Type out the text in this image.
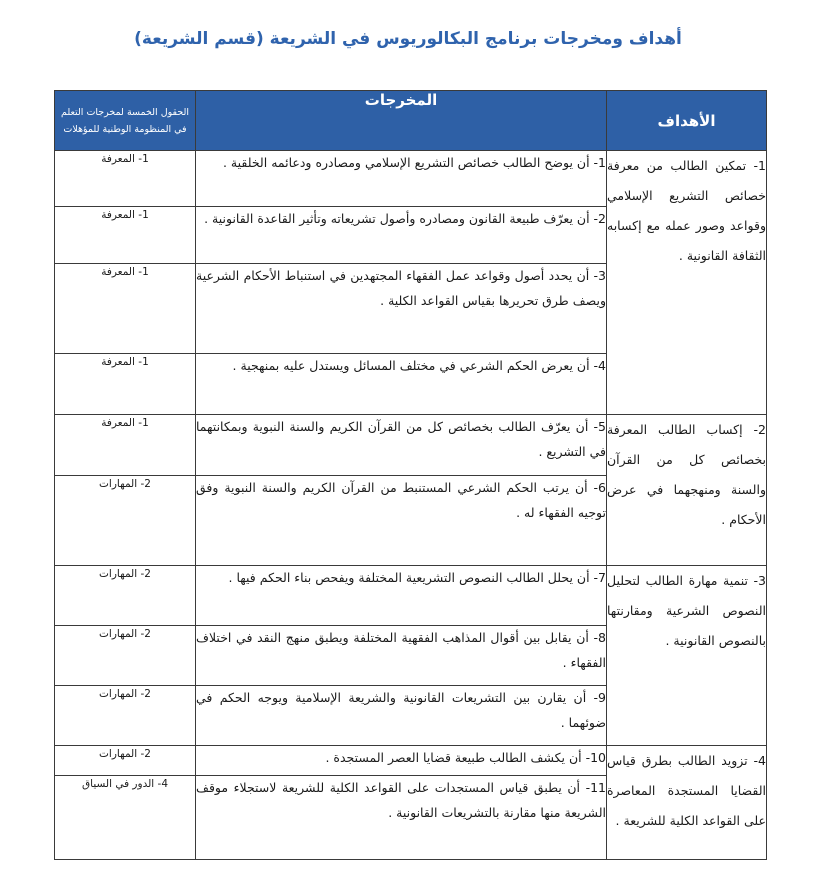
أهداف ومخرجات برنامج البكالوريوس في الشريعة (قسم الشريعة)
الأهداف	المخرجات	الحقول الخمسة لمخرجات التعلم في المنظومة الوطنية للمؤهلات

1- تمكين الطالب من معرفة خصائص التشريع الإسلامي وقواعد وصور عمله مع إكسابه الثقافة القانونية .	1- أن يوضح الطالب خصائص التشريع الإسلامي ومصادره ودعائمه الخلقية .	1- المعرفة

	2- أن يعرّف طبيعة القانون ومصادره وأصول تشريعاته وتأثير القاعدة القانونية .	1- المعرفة

	3- أن يحدد أصول وقواعد عمل الفقهاء المجتهدين في استنباط الأحكام الشرعية ويصف طرق تحريرها بقياس القواعد الكلية .	1- المعرفة

	4- أن يعرض الحكم الشرعي في مختلف المسائل ويستدل عليه بمنهجية .	1- المعرفة

2- إكساب الطالب المعرفة بخصائص كل من القرآن والسنة ومنهجهما في عرض الأحكام .	5- أن يعرّف الطالب بخصائص كل من القرآن الكريم والسنة النبوية وبمكانتهما في التشريع .	1- المعرفة

	6- أن يرتب الحكم الشرعي المستنبط من القرآن الكريم والسنة النبوية وفق توجيه الفقهاء له .	2- المهارات

3- تنمية مهارة الطالب لتحليل النصوص الشرعية ومقارنتها بالنصوص القانونية .	7- أن يحلل الطالب النصوص التشريعية المختلفة ويفحص بناء الحكم فيها .	2- المهارات

	8- أن يقابل بين أقوال المذاهب الفقهية المختلفة ويطبق منهج النقد في اختلاف الفقهاء .	2- المهارات

	9- أن يقارن بين التشريعات القانونية والشريعة الإسلامية ويوجه الحكم في ضوئهما .	2- المهارات

4- تزويد الطالب بطرق قياس القضايا المستجدة المعاصرة على القواعد الكلية للشريعة .	10- أن يكشف الطالب طبيعة قضايا العصر المستجدة .	2- المهارات

	11- أن يطبق قياس المستجدات على القواعد الكلية للشريعة لاستجلاء موقف الشريعة منها مقارنة بالتشريعات القانونية .	4- الدور في السياق
